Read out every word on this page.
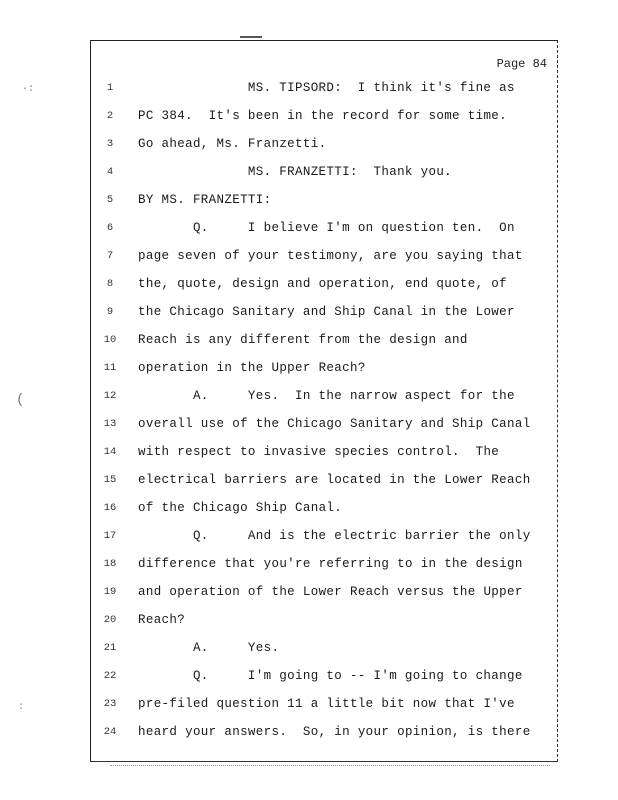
·:
(
:
Page 84
1	MS. TIPSORD:  I think it's fine as
2	PC 384.  It's been in the record for some time.
3	Go ahead, Ms. Franzetti.
4	MS. FRANZETTI:  Thank you.
5	BY MS. FRANZETTI:
6	Q.     I believe I'm on question ten.  On
7	page seven of your testimony, are you saying that
8	the, quote, design and operation, end quote, of
9	the Chicago Sanitary and Ship Canal in the Lower
10	Reach is any different from the design and
11	operation in the Upper Reach?
12	A.     Yes.  In the narrow aspect for the
13	overall use of the Chicago Sanitary and Ship Canal
14	with respect to invasive species control.  The
15	electrical barriers are located in the Lower Reach
16	of the Chicago Ship Canal.
17	Q.     And is the electric barrier the only
18	difference that you're referring to in the design
19	and operation of the Lower Reach versus the Upper
20	Reach?
21	A.     Yes.
22	Q.     I'm going to -- I'm going to change
23	pre-filed question 11 a little bit now that I've
24	heard your answers.  So, in your opinion, is there
